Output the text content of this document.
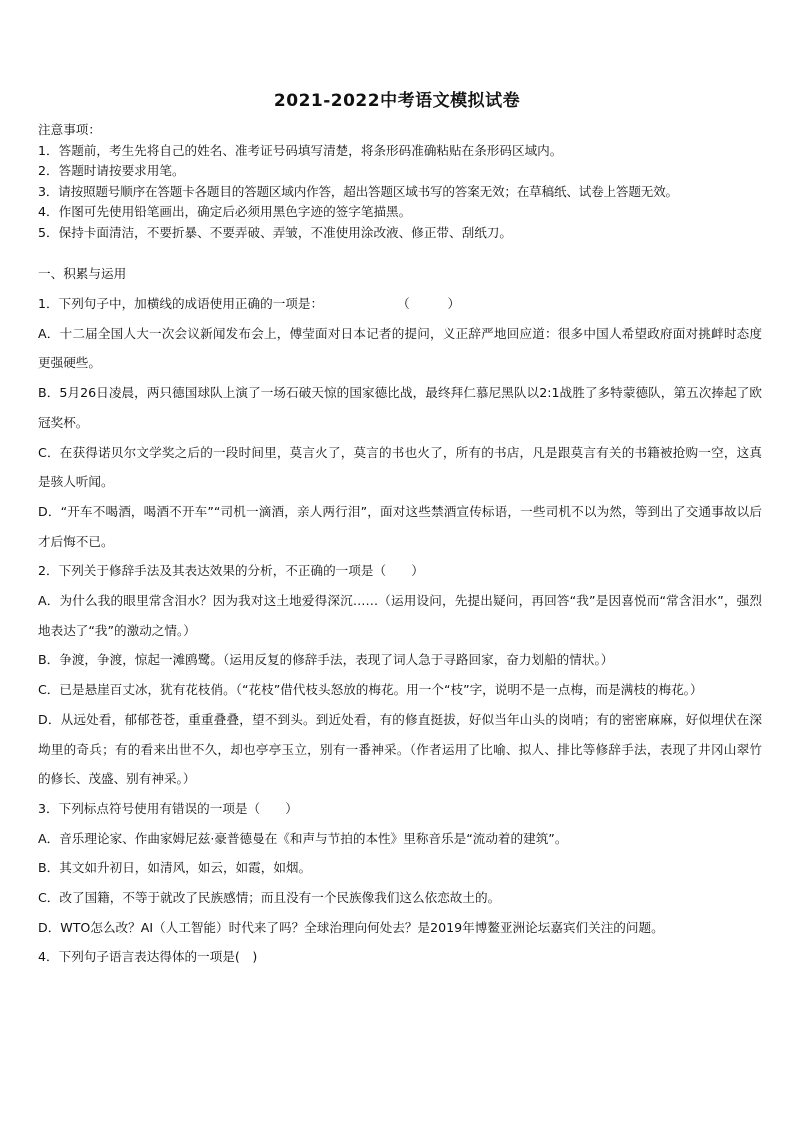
2021-2022中考语文模拟试卷
注意事项：
1．答题前，考生先将自己的姓名、准考证号码填写清楚，将条形码准确粘贴在条形码区域内。
2．答题时请按要求用笔。
3．请按照题号顺序在答题卡各题目的答题区域内作答，超出答题区域书写的答案无效；在草稿纸、试卷上答题无效。
4．作图可先使用铅笔画出，确定后必须用黑色字迹的签字笔描黑。
5．保持卡面清洁，不要折暴、不要弄破、弄皱，不准使用涂改液、修正带、刮纸刀。
一、积累与运用

1．下列句子中，加横线的成语使用正确的一项是：	（　　　）

A．十二届全国人大一次会议新闻发布会上，傅莹面对日本记者的提问，义正辞严地回应道：很多中国人希望政府面对挑衅时态度更强硬些。

B．5月26日凌晨，两只德国球队上演了一场石破天惊的国家德比战，最终拜仁慕尼黑队以2:1战胜了多特蒙德队，第五次捧起了欧冠奖杯。

C．在获得诺贝尔文学奖之后的一段时间里，莫言火了，莫言的书也火了，所有的书店，凡是跟莫言有关的书籍被抢购一空，这真是骇人听闻。

D．“开车不喝酒，喝酒不开车”“司机一滴酒，亲人两行泪”，面对这些禁酒宣传标语，一些司机不以为然，等到出了交通事故以后才后悔不已。

2．下列关于修辞手法及其表达效果的分析，不正确的一项是（　　）

A．为什么我的眼里常含泪水？因为我对这土地爱得深沉……（运用设问，先提出疑问，再回答“我”是因喜悦而“常含泪水”，强烈地表达了“我”的激动之情。）

B．争渡，争渡，惊起一滩鸥鹭。（运用反复的修辞手法，表现了词人急于寻路回家，奋力划船的情状。）

C．已是悬崖百丈冰，犹有花枝俏。（“花枝”借代枝头怒放的梅花。用一个“枝”字，说明不是一点梅，而是满枝的梅花。）

D．从远处看，郁郁苍苍，重重叠叠，望不到头。到近处看，有的修直挺拔，好似当年山头的岗哨；有的密密麻麻，好似埋伏在深坳里的奇兵；有的看来出世不久，却也亭亭玉立，别有一番神采。（作者运用了比喻、拟人、排比等修辞手法，表现了井冈山翠竹的修长、茂盛、别有神采。）

3．下列标点符号使用有错误的一项是（　　）

A．音乐理论家、作曲家姆尼兹·豪普德曼在《和声与节拍的本性》里称音乐是“流动着的建筑”。

B．其文如升初日，如清风，如云，如霞，如烟。

C．改了国籍，不等于就改了民族感情；而且没有一个民族像我们这么依恋故土的。

D．WTO怎么改？AI（人工智能）时代来了吗？全球治理向何处去？是2019年博鳌亚洲论坛嘉宾们关注的问题。

4．下列句子语言表达得体的一项是(　)
